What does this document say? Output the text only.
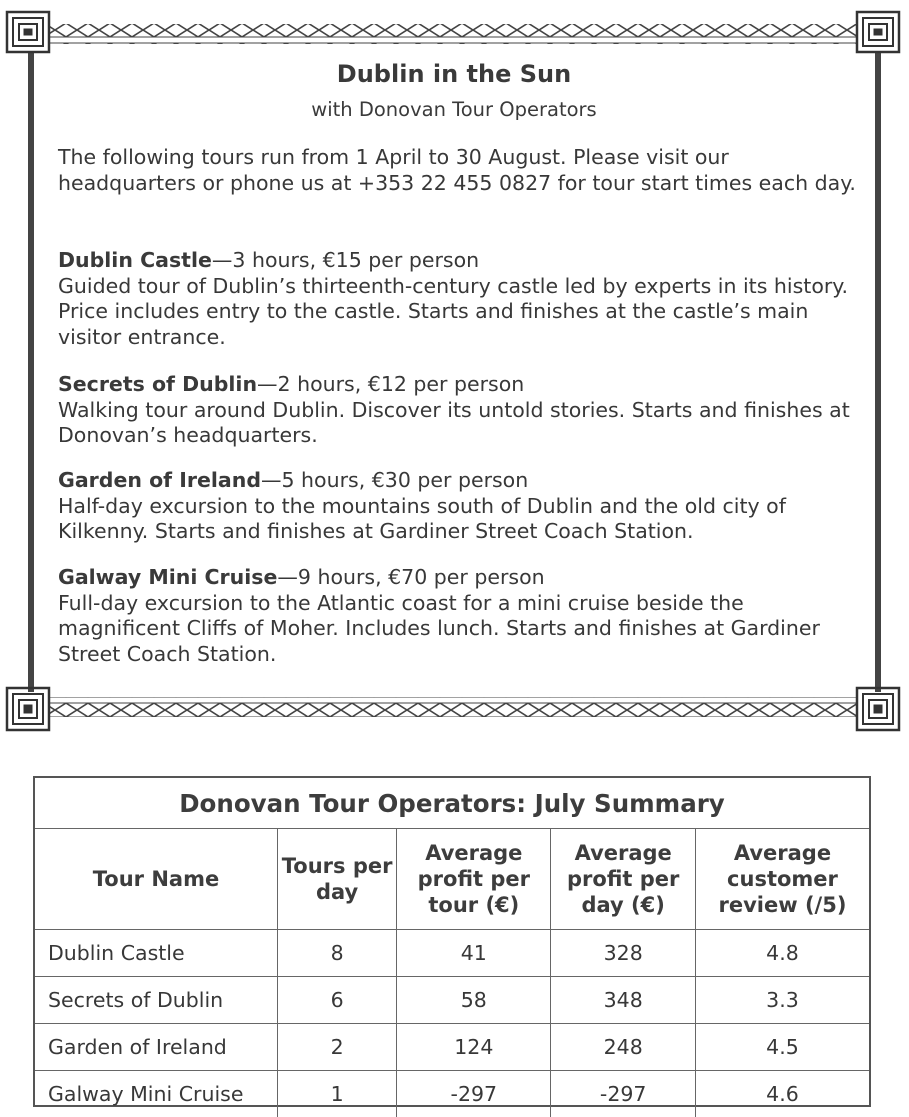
Dublin in the Sun
with Donovan Tour Operators

The following tours run from 1 April to 30 August. Please visit our headquarters or phone us at +353 22 455 0827 for tour start times each day.

Dublin Castle—3 hours, €15 per person
Guided tour of Dublin’s thirteenth-century castle led by experts in its history. Price includes entry to the castle. Starts and finishes at the castle’s main visitor entrance.

Secrets of Dublin—2 hours, €12 per person
Walking tour around Dublin. Discover its untold stories. Starts and finishes at Donovan’s headquarters.

Garden of Ireland—5 hours, €30 per person
Half-day excursion to the mountains south of Dublin and the old city of Kilkenny. Starts and finishes at Gardiner Street Coach Station.

Galway Mini Cruise—9 hours, €70 per person
Full-day excursion to the Atlantic coast for a mini cruise beside the magnificent Cliffs of Moher. Includes lunch. Starts and finishes at Gardiner Street Coach Station.

Donovan Tour Operators: July Summary				
Tour Name	Tours per day	Average profit per tour (€)	Average profit per day (€)	Average customer review (/5)
Dublin Castle	8	41	328	4.8
Secrets of Dublin	6	58	348	3.3
Garden of Ireland	2	124	248	4.5
Galway Mini Cruise	1	-297	-297	4.6
